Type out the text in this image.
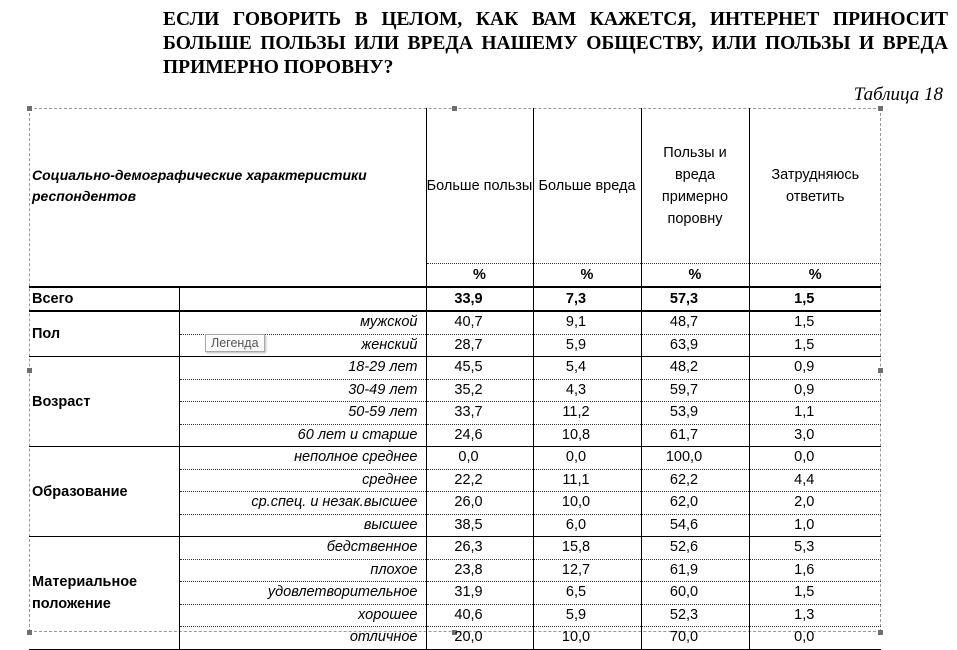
ЕСЛИ ГОВОРИТЬ В ЦЕЛОМ, КАК ВАМ КАЖЕТСЯ, ИНТЕРНЕТ ПРИНОСИТ БОЛЬШЕ ПОЛЬЗЫ ИЛИ ВРЕДА НАШЕМУ ОБЩЕСТВУ, ИЛИ ПОЛЬЗЫ И ВРЕДА ПРИМЕРНО ПОРОВНУ?
Таблица 18
Социально-демографические характеристики респондентов		Больше пользы	Больше вреда	Пользы и вреда примерно поровну	Затрудняюсь ответить
		%	%	%	%
Всего		33,9	7,3	57,3	1,5
Пол	мужской	40,7	9,1	48,7	1,5
	женский	28,7	5,9	63,9	1,5
Возраст	18-29 лет	45,5	5,4	48,2	0,9
	30-49 лет	35,2	4,3	59,7	0,9
	50-59 лет	33,7	11,2	53,9	1,1
	60 лет и старше	24,6	10,8	61,7	3,0
Образование	неполное среднее	0,0	0,0	100,0	0,0
	среднее	22,2	11,1	62,2	4,4
	ср.спец. и незак.высшее	26,0	10,0	62,0	2,0
	высшее	38,5	6,0	54,6	1,0
Материальное положение	бедственное	26,3	15,8	52,6	5,3
	плохое	23,8	12,7	61,9	1,6
	удовлетворительное	31,9	6,5	60,0	1,5
	хорошее	40,6	5,9	52,3	1,3
	отличное	20,0	10,0	70,0	0,0
Легенда
